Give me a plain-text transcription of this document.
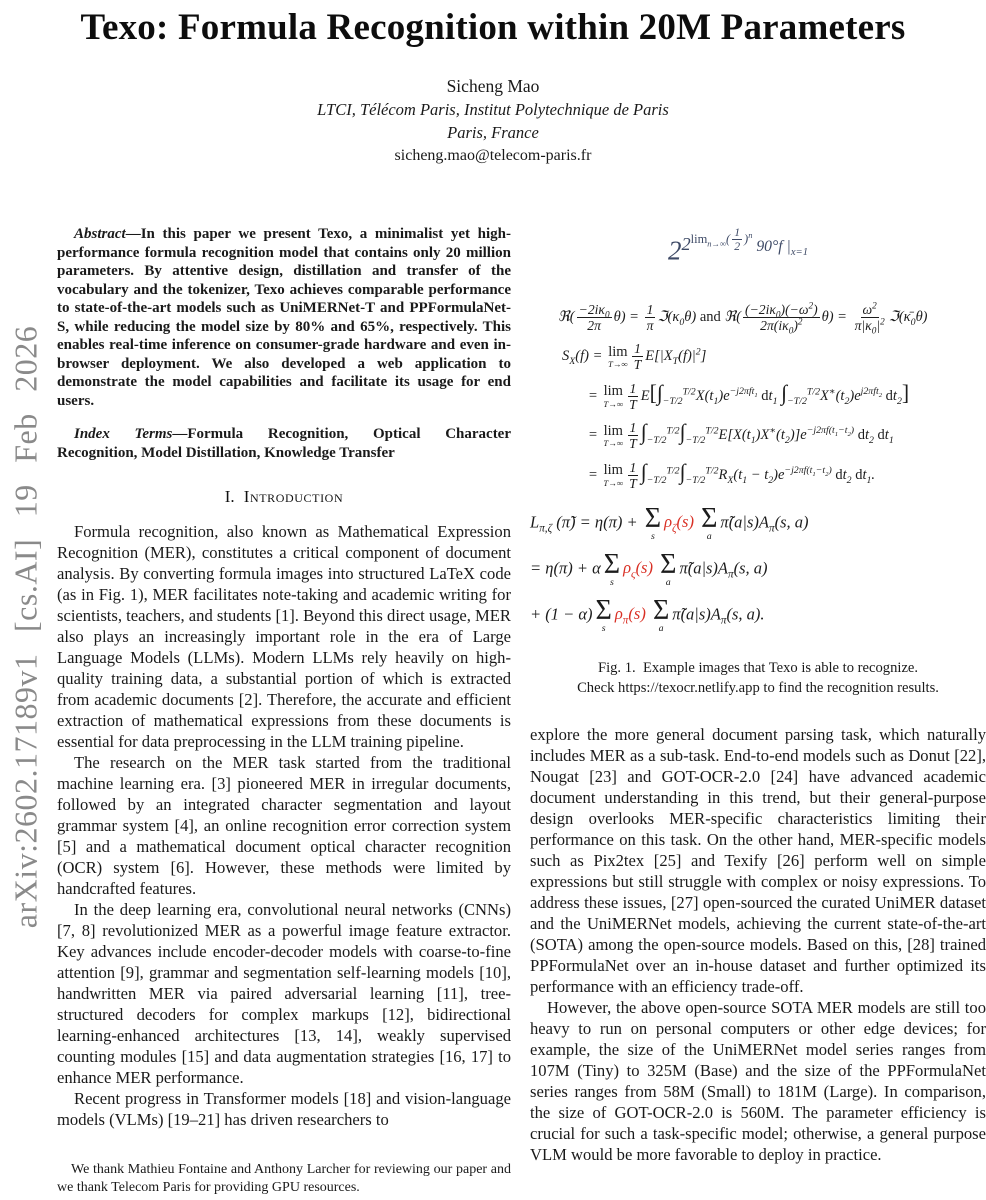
arXiv:2602.17189v1 [cs.AI] 19 Feb 2026
Texo: Formula Recognition within 20M Parameters
Sicheng Mao
LTCI, Télécom Paris, Institut Polytechnique de Paris
Paris, France
sicheng.mao@telecom-paris.fr

Abstract—In this paper we present Texo, a minimalist yet high-performance formula recognition model that contains only 20 million parameters. By attentive design, distillation and transfer of the vocabulary and the tokenizer, Texo achieves comparable performance to state-of-the-art models such as UniMERNet-T and PPFormulaNet-S, while reducing the model size by 80% and 65%, respectively. This enables real-time inference on consumer-grade hardware and even in-browser deployment. We also developed a web application to demonstrate the model capabilities and facilitate its usage for end users.

Index Terms—Formula Recognition, Optical Character Recognition, Model Distillation, Knowledge Transfer

I. Introduction

Formula recognition, also known as Mathematical Expression Recognition (MER), constitutes a critical component of document analysis. By converting formula images into structured LaTeX code (as in Fig. 1), MER facilitates note-taking and academic writing for scientists, teachers, and students [1]. Beyond this direct usage, MER also plays an increasingly important role in the era of Large Language Models (LLMs). Modern LLMs rely heavily on high-quality training data, a substantial portion of which is extracted from academic documents [2]. Therefore, the accurate and efficient extraction of mathematical expressions from these documents is essential for data preprocessing in the LLM training pipeline.

The research on the MER task started from the traditional machine learning era. [3] pioneered MER in irregular documents, followed by an integrated character segmentation and layout grammar system [4], an online recognition error correction system [5] and a mathematical document optical character recognition (OCR) system [6]. However, these methods were limited by handcrafted features.

In the deep learning era, convolutional neural networks (CNNs) [7, 8] revolutionized MER as a powerful image feature extractor. Key advances include encoder-decoder models with coarse-to-fine attention [9], grammar and segmentation self-learning models [10], handwritten MER via paired adversarial learning [11], tree-structured decoders for complex markups [12], bidirectional learning-enhanced architectures [13, 14], weakly supervised counting modules [15] and data augmentation strategies [16, 17] to enhance MER performance.

Recent progress in Transformer models [18] and vision-language models (VLMs) [19–21] has driven researchers to

We thank Mathieu Fontaine and Anthony Larcher for reviewing our paper and we thank Telecom Paris for providing GPU resources.
$2^{2^{lim_{n\to\infty}( \frac{1}{2} )^n}}$ $^{90^\circ f |_{x=1}}$
ℜ( $\frac{-2i\kappa_0}{2\pi} \theta) = \frac{1}{\pi}$ $ℑ(\kappa_0\theta)$ and ℜ( $\frac{(-2i\kappa_0)(-\omega^2)}{2\pi(i\kappa_0)^2} \theta) = \frac{\omega^2}{\pi|\kappa_0|^2}$ $ℑ(\kappā_0\theta)$
$S_X(f) = \lim$
$T\to\infty \frac{1}{T} E[|X_T(f)|^2]$
= lim
$T\to\infty \frac{1}{T} E[\int_{-T/2}^{T/2}X(t_1)e^{-j2\pi ft_1}$ $dt_1$ $\int_{-T/2}^{T/2}X^∗(t_2)e^{j2\pi ft_2}$ $dt_2$]
= lim
$T\to\infty \frac{1}{T} \int_{-T/2}^{T/2}\int_{-T/2}^{T/2}E[X(t_1)X^∗(t_2)]e^{-j2\pi f(t_1-t_2)}$ $dt_2$ $dt_1$
= lim
$T\to\infty \frac{1}{T} \int_{-T/2}^{T/2}\int_{-T/2}^{T/2}R_X(t_1 - t_2)e^{-j2\pi f(t_1-t_2)}$ $dt_2$ $dt_1$.
$L_{\pi,\zeta}$ (π̃) = η(π) + Σ
s
$\rho_\zeta(s)$ Σ
a
$\pĩ(a|s)A_\pi(s$, a)
= η(π) + α Σ
s
$\rho_\varsigma(s)$ Σ
a
$\pĩ(a|s)A_\pi(s$, a)
+ (1 − α) Σ
s
$\rho_\pi(s)$ Σ
a
$\pĩ(a|s)A_\pi(s$, a).
Fig. 1.  Example images that Texo is able to recognize.
Check https://texocr.netlify.app to find the recognition results.

explore the more general document parsing task, which naturally includes MER as a sub-task. End-to-end models such as Donut [22], Nougat [23] and GOT-OCR-2.0 [24] have advanced academic document understanding in this trend, but their general-purpose design overlooks MER-specific characteristics limiting their performance on this task. On the other hand, MER-specific models such as Pix2tex [25] and Texify [26] perform well on simple expressions but still struggle with complex or noisy expressions. To address these issues, [27] open-sourced the curated UniMER dataset and the UniMERNet models, achieving the current state-of-the-art (SOTA) among the open-source models. Based on this, [28] trained PPFormulaNet over an in-house dataset and further optimized its performance with an efficiency trade-off.

However, the above open-source SOTA MER models are still too heavy to run on personal computers or other edge devices; for example, the size of the UniMERNet model series ranges from 107M (Tiny) to 325M (Base) and the size of the PPFormulaNet series ranges from 58M (Small) to 181M (Large). In comparison, the size of GOT-OCR-2.0 is 560M. The parameter efficiency is crucial for such a task-specific model; otherwise, a general purpose VLM would be more favorable to deploy in practice.
